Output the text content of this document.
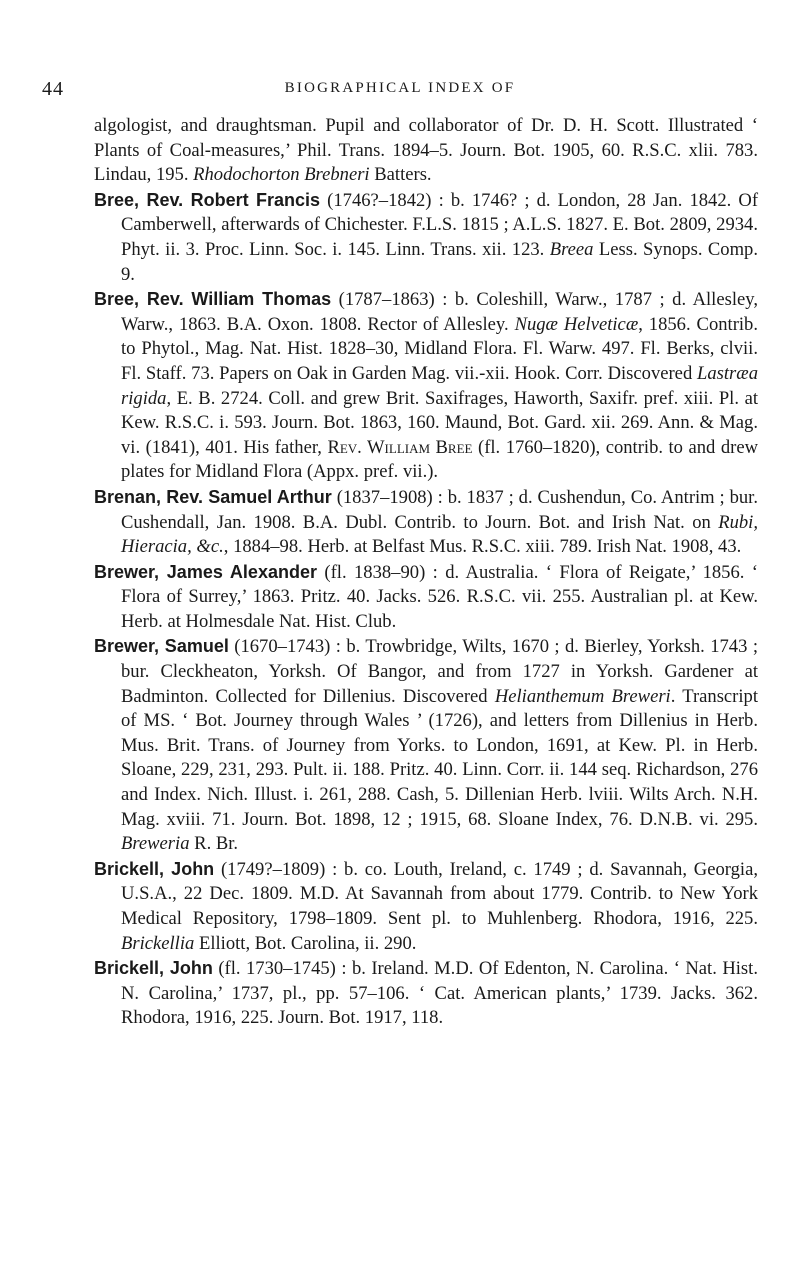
44	BIOGRAPHICAL INDEX OF

algologist, and draughtsman. Pupil and collaborator of Dr. D. H. Scott. Illustrated ‘ Plants of Coal-measures,’ Phil. Trans. 1894–5. Journ. Bot. 1905, 60. R.S.C. xlii. 783. Lindau, 195. Rhodochorton Brebneri Batters.

Bree, Rev. Robert Francis (1746?–1842) : b. 1746? ; d. London, 28 Jan. 1842. Of Camberwell, afterwards of Chichester. F.L.S. 1815 ; A.L.S. 1827. E. Bot. 2809, 2934. Phyt. ii. 3. Proc. Linn. Soc. i. 145. Linn. Trans. xii. 123. Breea Less. Synops. Comp. 9.

Bree, Rev. William Thomas (1787–1863) : b. Coleshill, Warw., 1787 ; d. Allesley, Warw., 1863. B.A. Oxon. 1808. Rector of Allesley. Nugæ Helveticæ, 1856. Contrib. to Phytol., Mag. Nat. Hist. 1828–30, Midland Flora. Fl. Warw. 497. Fl. Berks, clvii. Fl. Staff. 73. Papers on Oak in Garden Mag. vii.-xii. Hook. Corr. Discovered Lastræa rigida, E. B. 2724. Coll. and grew Brit. Saxifrages, Haworth, Saxifr. pref. xiii. Pl. at Kew. R.S.C. i. 593. Journ. Bot. 1863, 160. Maund, Bot. Gard. xii. 269. Ann. & Mag. vi. (1841), 401. His father, Rev. William Bree (fl. 1760–1820), contrib. to and drew plates for Midland Flora (Appx. pref. vii.).

Brenan, Rev. Samuel Arthur (1837–1908) : b. 1837 ; d. Cushendun, Co. Antrim ; bur. Cushendall, Jan. 1908. B.A. Dubl. Contrib. to Journ. Bot. and Irish Nat. on Rubi, Hieracia, &c., 1884–98. Herb. at Belfast Mus. R.S.C. xiii. 789. Irish Nat. 1908, 43.

Brewer, James Alexander (fl. 1838–90) : d. Australia. ‘ Flora of Reigate,’ 1856. ‘ Flora of Surrey,’ 1863. Pritz. 40. Jacks. 526. R.S.C. vii. 255. Australian pl. at Kew. Herb. at Holmesdale Nat. Hist. Club.

Brewer, Samuel (1670–1743) : b. Trowbridge, Wilts, 1670 ; d. Bierley, Yorksh. 1743 ; bur. Cleckheaton, Yorksh. Of Bangor, and from 1727 in Yorksh. Gardener at Badminton. Collected for Dillenius. Discovered Helianthemum Breweri. Transcript of MS. ‘ Bot. Journey through Wales ’ (1726), and letters from Dillenius in Herb. Mus. Brit. Trans. of Journey from Yorks. to London, 1691, at Kew. Pl. in Herb. Sloane, 229, 231, 293. Pult. ii. 188. Pritz. 40. Linn. Corr. ii. 144 seq. Richardson, 276 and Index. Nich. Illust. i. 261, 288. Cash, 5. Dillenian Herb. lviii. Wilts Arch. N.H. Mag. xviii. 71. Journ. Bot. 1898, 12 ; 1915, 68. Sloane Index, 76. D.N.B. vi. 295. Breweria R. Br.

Brickell, John (1749?–1809) : b. co. Louth, Ireland, c. 1749 ; d. Savannah, Georgia, U.S.A., 22 Dec. 1809. M.D. At Savannah from about 1779. Contrib. to New York Medical Repository, 1798–1809. Sent pl. to Muhlenberg. Rhodora, 1916, 225. Brickellia Elliott, Bot. Carolina, ii. 290.

Brickell, John (fl. 1730–1745) : b. Ireland. M.D. Of Edenton, N. Carolina. ‘ Nat. Hist. N. Carolina,’ 1737, pl., pp. 57–106. ‘ Cat. American plants,’ 1739. Jacks. 362. Rhodora, 1916, 225. Journ. Bot. 1917, 118.
